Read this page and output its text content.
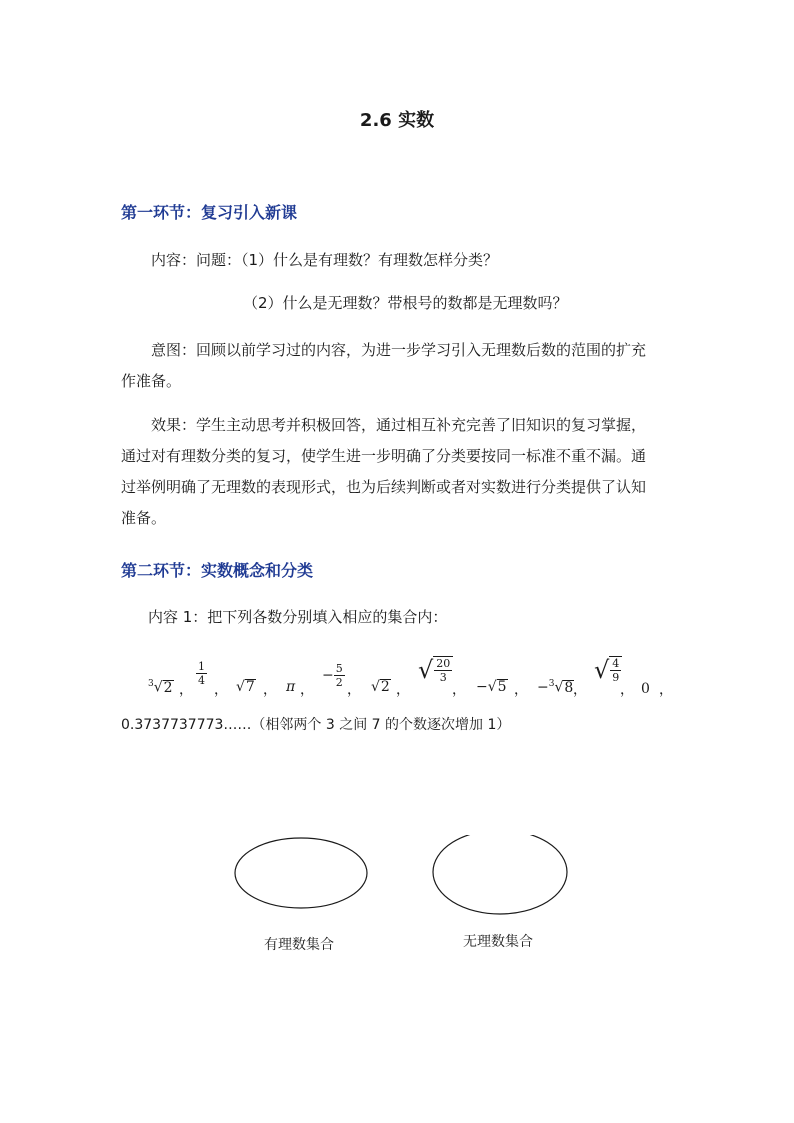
2.6 实数
第一环节：复习引入新课
内容：问题：（1）什么是有理数？有理数怎样分类？
（2）什么是无理数？带根号的数都是无理数吗？
意图：回顾以前学习过的内容，为进一步学习引入无理数后数的范围的扩充
作准备。
效果：学生主动思考并积极回答，通过相互补充完善了旧知识的复习掌握，
通过对有理数分类的复习，使学生进一步明确了分类要按同一标准不重不漏。通
过举例明确了无理数的表现形式，也为后续判断或者对实数进行分类提供了认知
准备。
第二环节：实数概念和分类
内容 1：把下列各数分别填入相应的集合内：
$^3$√2 ，
$\frac{1}{4}$
， √7 ， π ，
− $\frac{5}{2}$
， √2 ，
√ $\frac{20}{3}$
， −√5 ， −$^3$√8 ，
√ $\frac{4}{9}$
， 0 ，
0.3737737773……（相邻两个 3 之间 7 的个数逐次增加 1）
有理数集合	无理数集合
